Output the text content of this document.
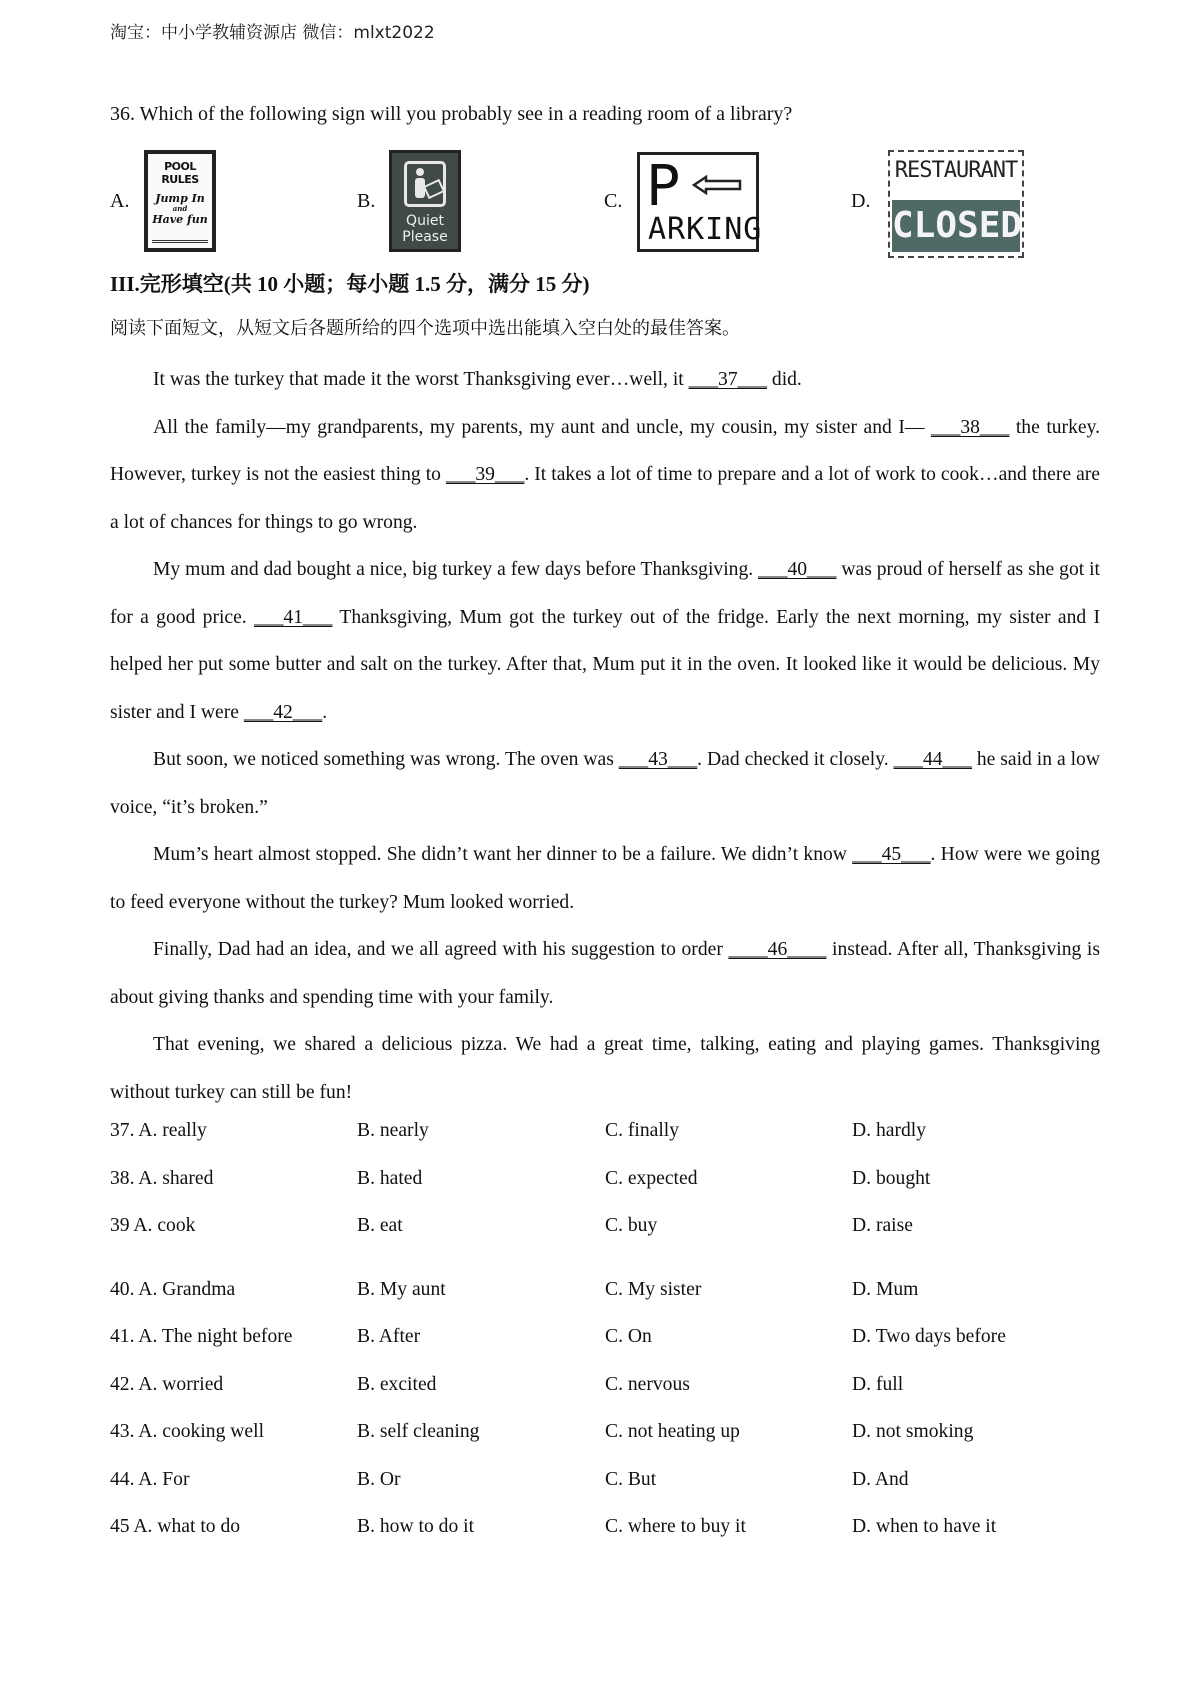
淘宝：中小学教辅资源店 微信：mlxt2022
36. Which of the following sign will you probably see in a reading room of a library?
A.
POOL RULES
Jump In
and
Have fun
B.
Quiet
Please
C. P
ARKING
D.
RESTAURANT
CLOSED
III.完形填空(共 10 小题；每小题 1.5 分，满分 15 分)
阅读下面短文，从短文后各题所给的四个选项中选出能填入空白处的最佳答案。

It was the turkey that made it the worst Thanksgiving ever…well, it ___37___ did.

All the family—my grandparents, my parents, my aunt and uncle, my cousin, my sister and I— ___38___ the turkey. However, turkey is not the easiest thing to ___39___. It takes a lot of time to prepare and a lot of work to cook…and there are a lot of chances for things to go wrong.

My mum and dad bought a nice, big turkey a few days before Thanksgiving. ___40___ was proud of herself as she got it for a good price. ___41___ Thanksgiving, Mum got the turkey out of the fridge. Early the next morning, my sister and I helped her put some butter and salt on the turkey. After that, Mum put it in the oven. It looked like it would be delicious. My sister and I were ___42___.

But soon, we noticed something was wrong. The oven was ___43___. Dad checked it closely. ___44___ he said in a low voice, “it’s broken.”

Mum’s heart almost stopped. She didn’t want her dinner to be a failure. We didn’t know ___45___. How were we going to feed everyone without the turkey? Mum looked worried.

Finally, Dad had an idea, and we all agreed with his suggestion to order ____46____ instead. After all, Thanksgiving is about giving thanks and spending time with your family.

That evening, we shared a delicious pizza. We had a great time, talking, eating and playing games. Thanksgiving without turkey can still be fun!

37. A. really	B. nearly	C. finally	D. hardly
38. A. shared	B. hated	C. expected	D. bought
39 A. cook	B. eat	C. buy	D. raise
40. A. Grandma	B. My aunt	C. My sister	D. Mum
41. A. The night before	B. After	C. On	D. Two days before
42. A. worried	B. excited	C. nervous	D. full
43. A. cooking well	B. self cleaning	C. not heating up	D. not smoking
44. A. For	B. Or	C. But	D. And
45 A. what to do	B. how to do it	C. where to buy it	D. when to have it
